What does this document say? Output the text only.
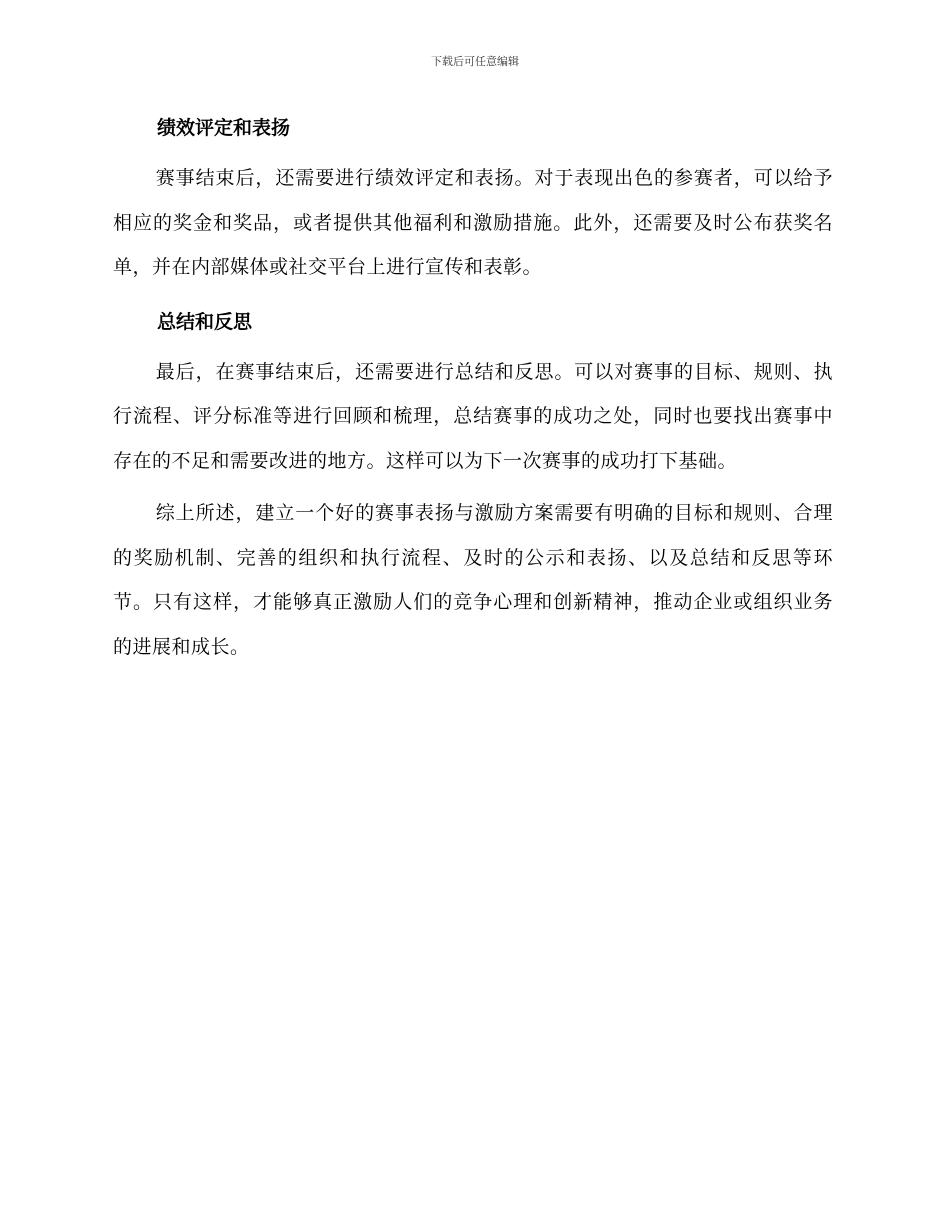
下载后可任意编辑
绩效评定和表扬

赛事结束后，还需要进行绩效评定和表扬。对于表现出色的参赛者，可以给予相应的奖金和奖品，或者提供其他福利和激励措施。此外，还需要及时公布获奖名单，并在内部媒体或社交平台上进行宣传和表彰。

总结和反思

最后，在赛事结束后，还需要进行总结和反思。可以对赛事的目标、规则、执行流程、评分标准等进行回顾和梳理，总结赛事的成功之处，同时也要找出赛事中存在的不足和需要改进的地方。这样可以为下一次赛事的成功打下基础。

综上所述，建立一个好的赛事表扬与激励方案需要有明确的目标和规则、合理的奖励机制、完善的组织和执行流程、及时的公示和表扬、以及总结和反思等环节。只有这样，才能够真正激励人们的竞争心理和创新精神，推动企业或组织业务的进展和成长。
